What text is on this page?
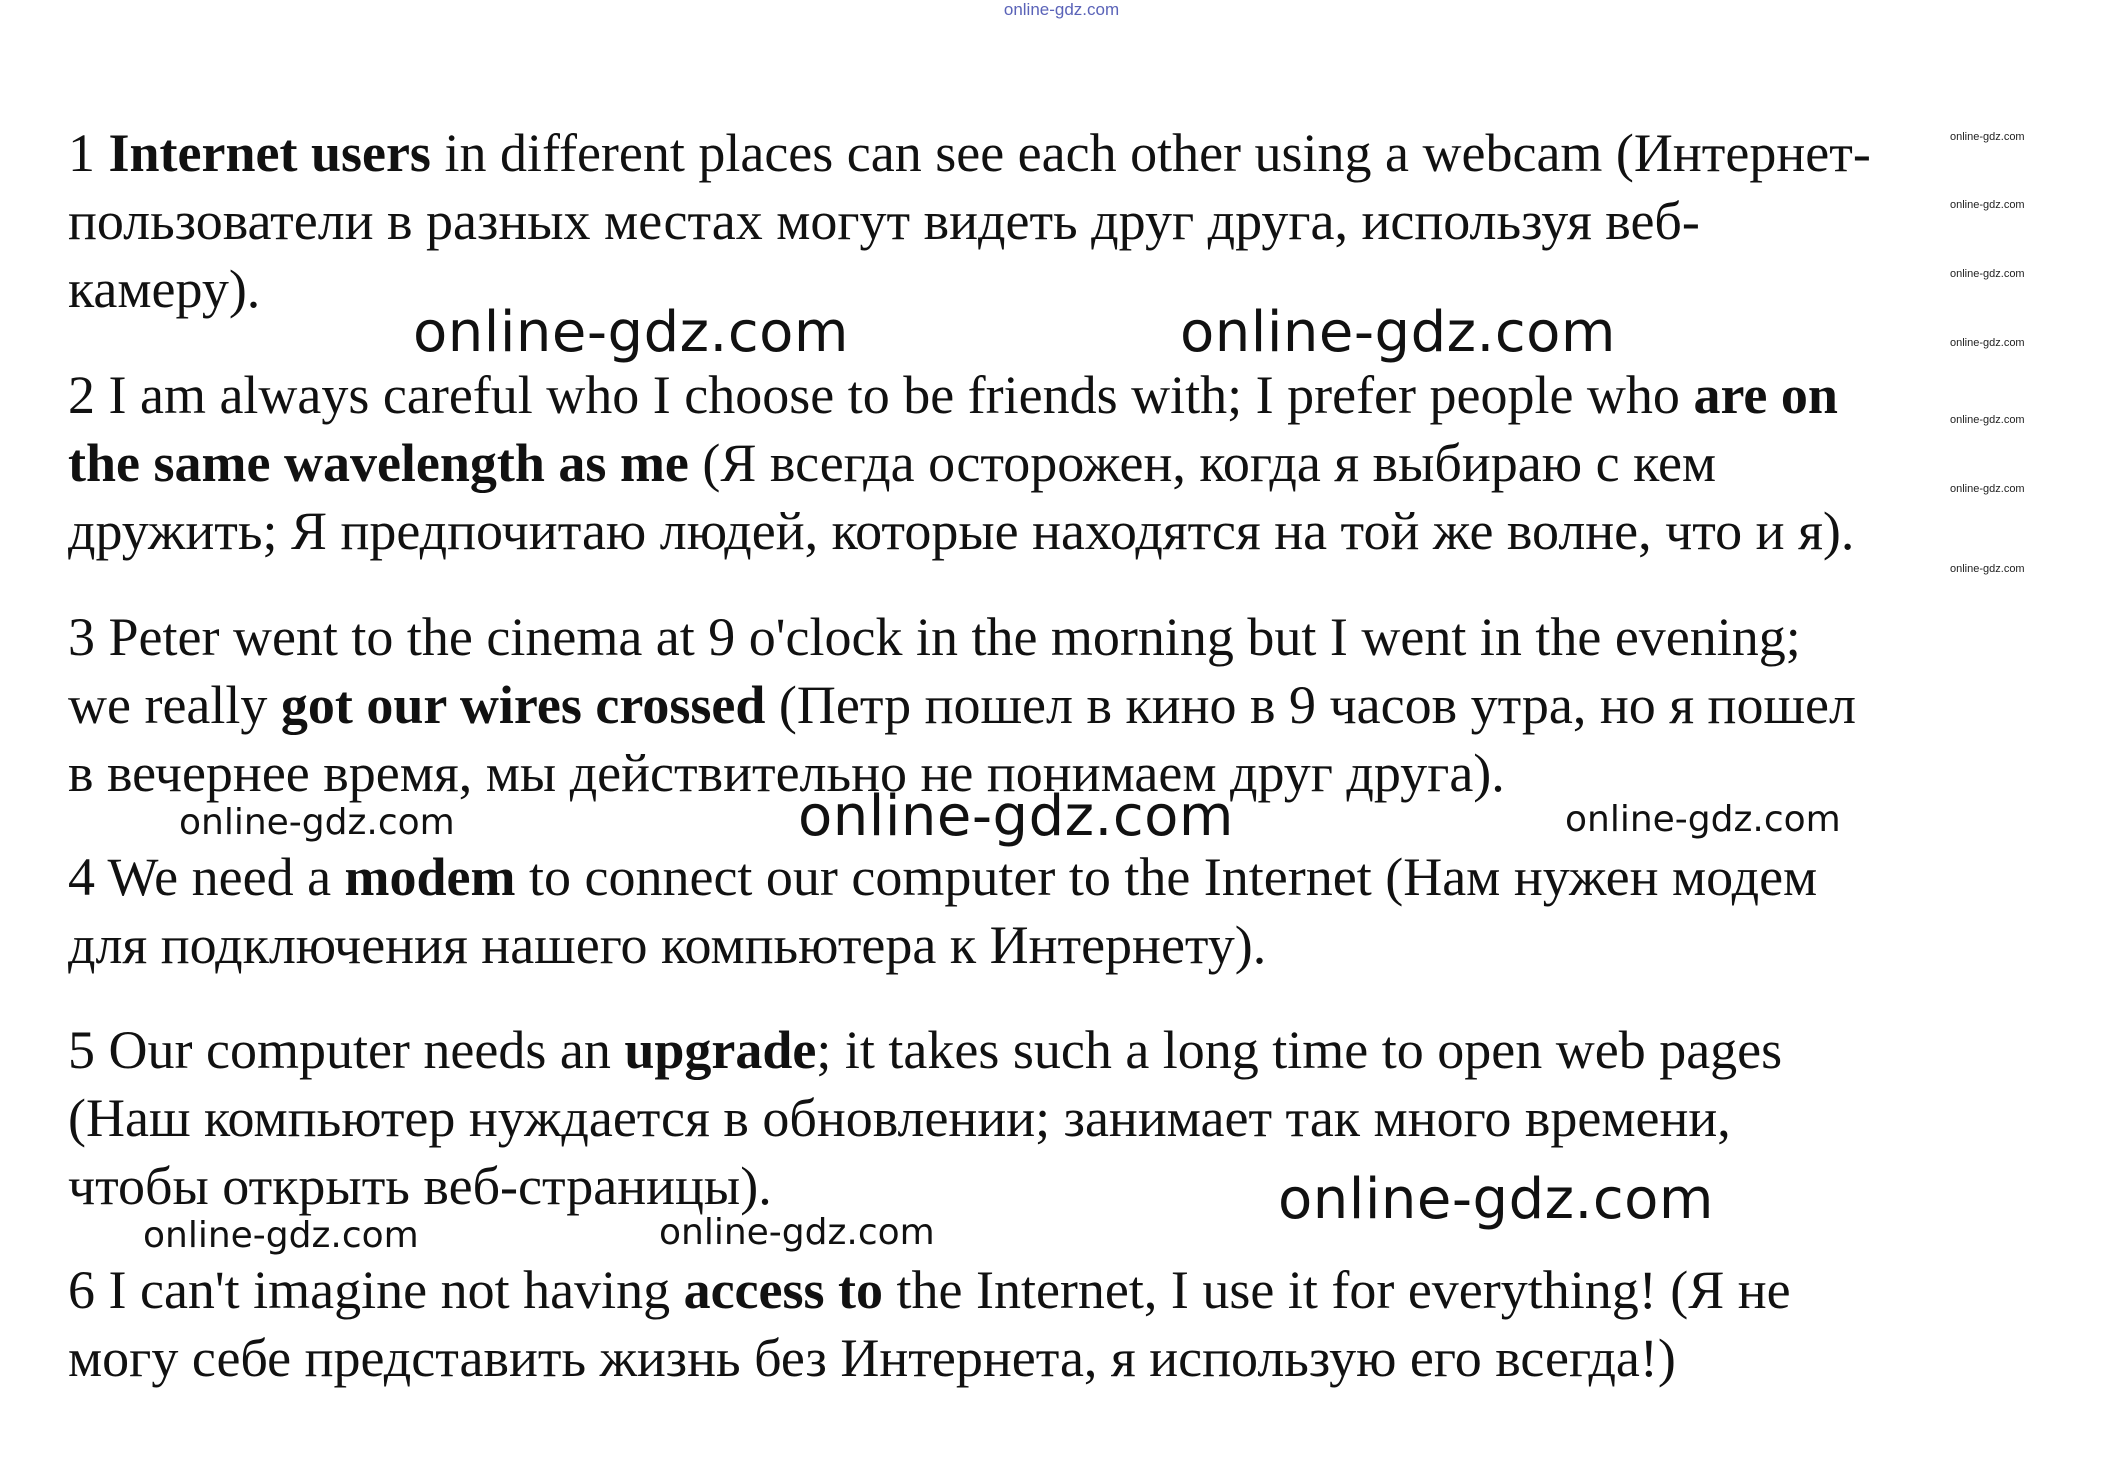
online-gdz.com
1 Internet users in different places can see each other using a webcam (Интернет-
пользователи в разных местах могут видеть друг друга, используя веб-
камеру).
2 I am always careful who I choose to be friends with; I prefer people who are on
the same wavelength as me (Я всегда осторожен, когда я выбираю с кем
дружить; Я предпочитаю людей, которые находятся на той же волне, что и я).
3 Peter went to the cinema at 9 o'clock in the morning but I went in the evening;
we really got our wires crossed (Петр пошел в кино в 9 часов утра, но я пошел
в вечернее время, мы действительно не понимаем друг друга).
4 We need a modem to connect our computer to the Internet (Нам нужен модем
для подключения нашего компьютера к Интернету).
5 Our computer needs an upgrade; it takes such a long time to open web pages
(Наш компьютер нуждается в обновлении; занимает так много времени,
чтобы открыть веб-страницы).
6 I can't imagine not having access to the Internet, I use it for everything! (Я не
могу себе представить жизнь без Интернета, я использую его всегда!)
online-gdz.com	online-gdz.com
online-gdz.com
online-gdz.com
online-gdz.com	online-gdz.com
online-gdz.com	online-gdz.com
online-gdz.com
online-gdz.com
online-gdz.com
online-gdz.com
online-gdz.com
online-gdz.com
online-gdz.com
